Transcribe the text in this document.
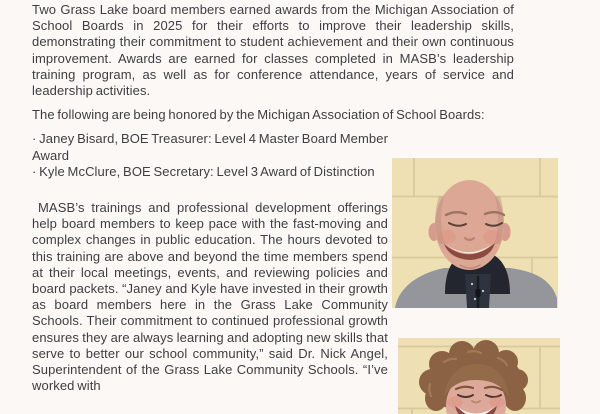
Two Grass Lake board members earned awards from the Michigan Association of School Boards in 2025 for their efforts to improve their leadership skills, demonstrating their commitment to student achievement and their own continuous improvement. Awards are earned for classes completed in MASB’s leadership training program, as well as for conference attendance, years of service and leadership activities.

The following are being honored by the Michigan Association of School Boards:

· Janey Bisard, BOE Treasurer: Level 4 Master Board Member Award

· Kyle McClure, BOE Secretary: Level 3 Award of Distinction

MASB’s trainings and professional development offerings help board members to keep pace with the fast-moving and complex changes in public education. The hours devoted to this training are above and beyond the time members spend at their local meetings, events, and reviewing policies and board packets. “Janey and Kyle have invested in their growth as board members here in the Grass Lake Community Schools. Their commitment to continued professional growth ensures they are always learning and adopting new skills that serve to better our school community,” said Dr. Nick Angel, Superintendent of the Grass Lake Community Schools. “I’ve worked with
